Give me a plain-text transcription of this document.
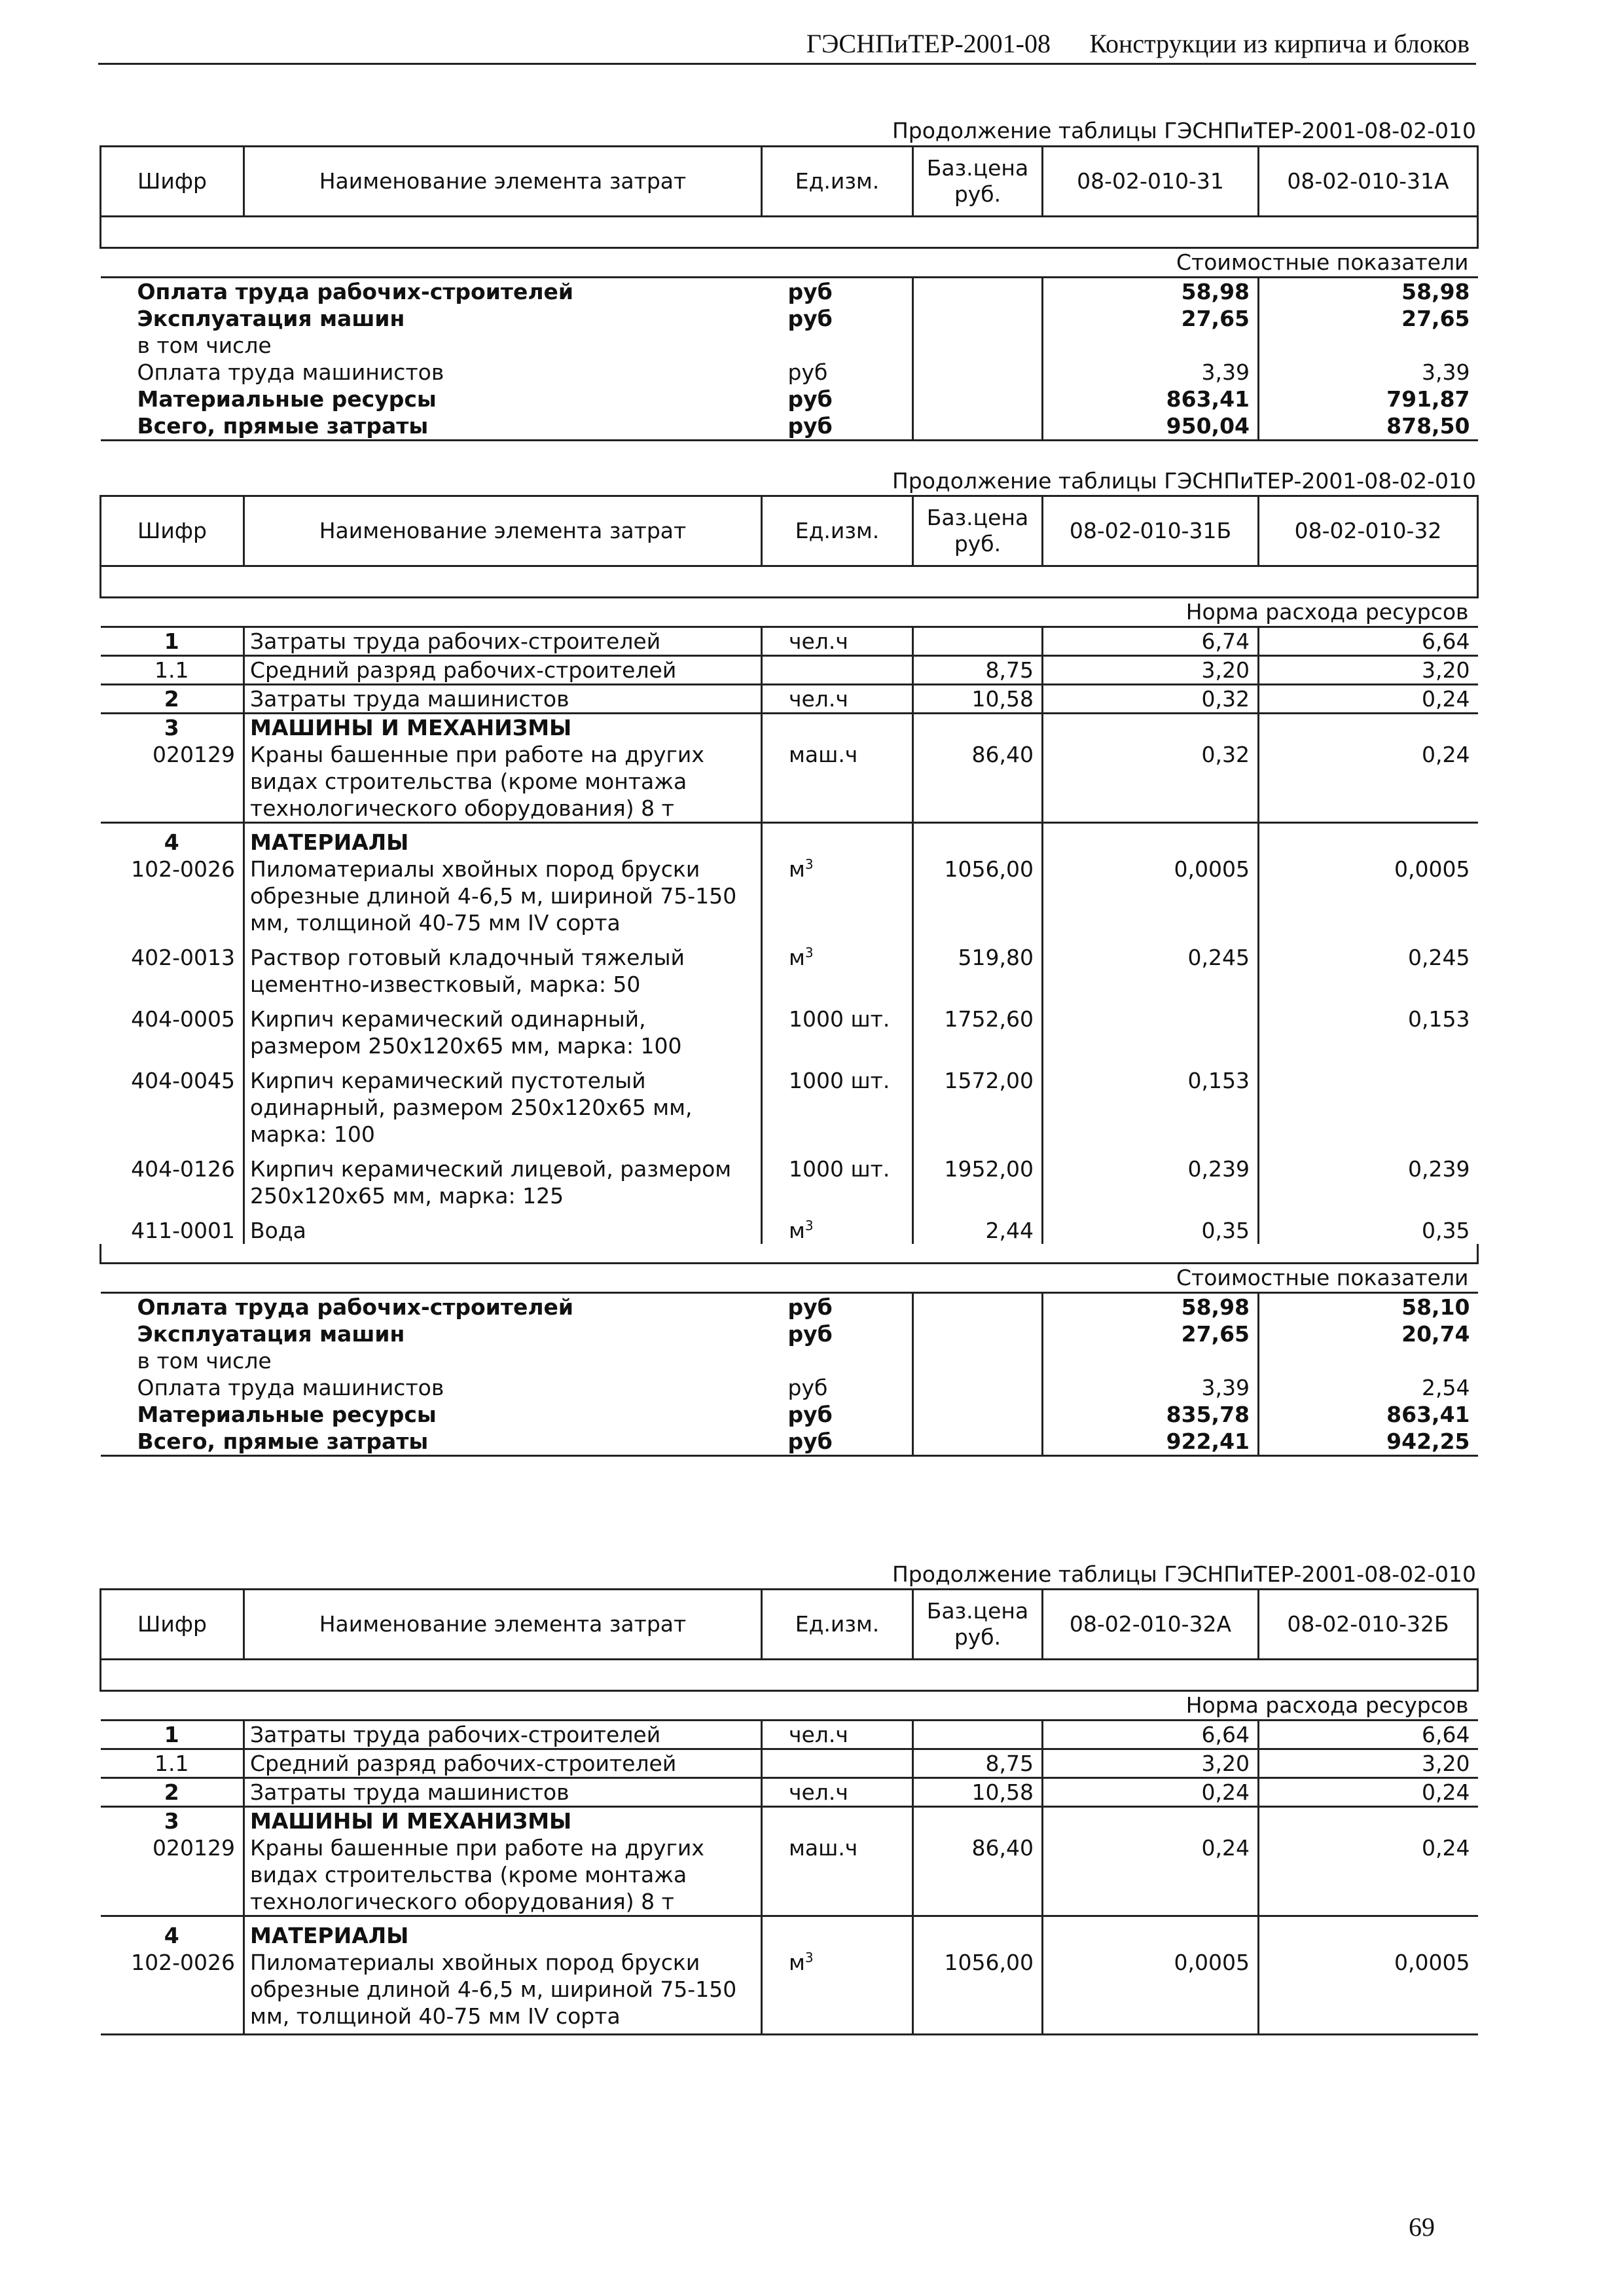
ГЭСНПиТЕР-2001-08 Конструкции из кирпича и блоков
Продолжение таблицы ГЭСНПиТЕР-2001-08-02-010
Шифр	Наименование элемента затрат	Ед.изм.	Баз.цена руб.	08-02-010-31	08-02-010-31А

Стоимостные показатели					
Оплата труда рабочих-строителей		руб		58,98	58,98
Эксплуатация машин		руб		27,65	27,65
в том числе					
Оплата труда машинистов		руб		3,39	3,39
Материальные ресурсы		руб		863,41	791,87
Всего, прямые затраты		руб		950,04	878,50
Продолжение таблицы ГЭСНПиТЕР-2001-08-02-010
Шифр	Наименование элемента затрат	Ед.изм.	Баз.цена руб.	08-02-010-31Б	08-02-010-32

Норма расхода ресурсов					
1	Затраты труда рабочих-строителей	чел.ч		6,74	6,64
1.1	Средний разряд рабочих-строителей		8,75	3,20	3,20
2	Затраты труда машинистов	чел.ч	10,58	0,32	0,24
3	МАШИНЫ И МЕХАНИЗМЫ				
020129	Краны башенные при работе на других видах строительства (кроме монтажа технологического оборудования) 8 т	маш.ч	86,40	0,32	0,24
4	МАТЕРИАЛЫ				
102-0026	Пиломатериалы хвойных пород бруски обрезные длиной 4-6,5 м, шириной 75-150 мм, толщиной 40-75 мм IV сорта	$м^3$	1056,00	0,0005	0,0005
402-0013	Раствор готовый кладочный тяжелый цементно-известковый, марка: 50	$м^3$	519,80	0,245	0,245
404-0005	Кирпич керамический одинарный, размером 250х120х65 мм, марка: 100	1000 шт.	1752,60		0,153
404-0045	Кирпич керамический пустотелый одинарный, размером 250х120х65 мм, марка: 100	1000 шт.	1572,00	0,153	
404-0126	Кирпич керамический лицевой, размером 250х120х65 мм, марка: 125	1000 шт.	1952,00	0,239	0,239
411-0001	Вода	$м^3$	2,44	0,35	0,35

Стоимостные показатели					
Оплата труда рабочих-строителей		руб		58,98	58,10
Эксплуатация машин		руб		27,65	20,74
в том числе					
Оплата труда машинистов		руб		3,39	2,54
Материальные ресурсы		руб		835,78	863,41
Всего, прямые затраты		руб		922,41	942,25
Продолжение таблицы ГЭСНПиТЕР-2001-08-02-010
Шифр	Наименование элемента затрат	Ед.изм.	Баз.цена руб.	08-02-010-32А	08-02-010-32Б

Норма расхода ресурсов					
1	Затраты труда рабочих-строителей	чел.ч		6,64	6,64
1.1	Средний разряд рабочих-строителей		8,75	3,20	3,20
2	Затраты труда машинистов	чел.ч	10,58	0,24	0,24
3	МАШИНЫ И МЕХАНИЗМЫ				
020129	Краны башенные при работе на других видах строительства (кроме монтажа технологического оборудования) 8 т	маш.ч	86,40	0,24	0,24
4	МАТЕРИАЛЫ				
102-0026	Пиломатериалы хвойных пород бруски обрезные длиной 4-6,5 м, шириной 75-150 мм, толщиной 40-75 мм IV сорта	$м^3$	1056,00	0,0005	0,0005
69
